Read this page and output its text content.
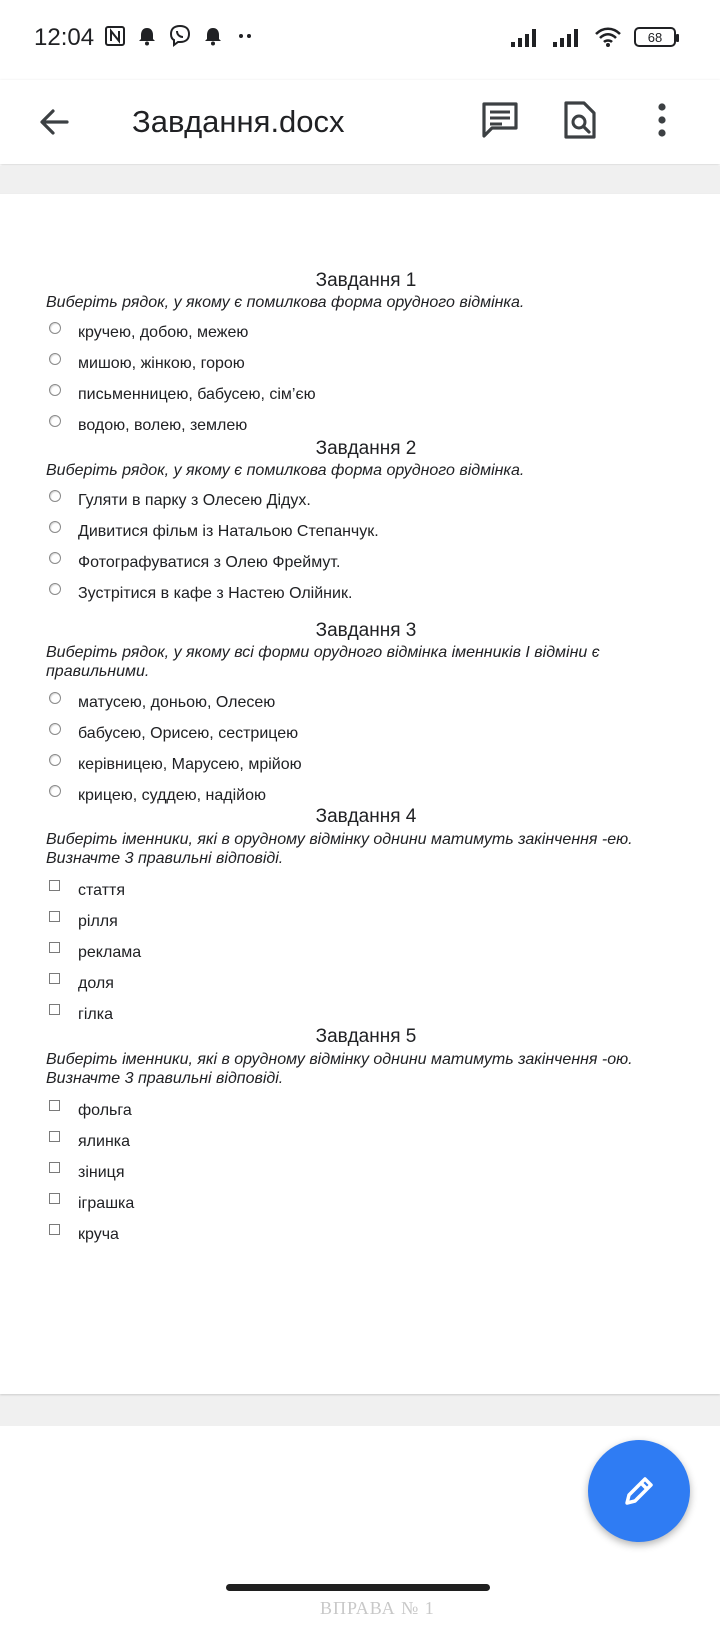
12:04	68
Завдання.docx
Завдання 1
Виберіть рядок, у якому є помилкова форма орудного відмінка.
кручею, добою, межею
мишою, жінкою, горою
письменницею, бабусею, сім’єю
водою, волею, землею
Завдання 2
Виберіть рядок, у якому є помилкова форма орудного відмінка.
Гуляти в парку з Олесею Дідух.
Дивитися фільм із Натальою Степанчук.
Фотографуватися з Олею Фреймут.
Зустрітися в кафе з Настею Олійник.
Завдання 3
Виберіть рядок, у якому всі форми орудного відмінка іменників I відміни є правильними.
матусею, доньою, Олесею
бабусею, Орисею, сестрицею
керівницею, Марусею, мрійою
крицею, суддею, надійою
Завдання 4
Виберіть іменники, які в орудному відмінку однини матимуть закінчення -ею. Визначте 3 правильні відповіді.
стаття
рілля
реклама
доля
гілка
Завдання 5
Виберіть іменники, які в орудному відмінку однини матимуть закінчення -ою. Визначте 3 правильні відповіді.
фольга
ялинка
зіниця
іграшка
круча
ВПРАВА № 1
